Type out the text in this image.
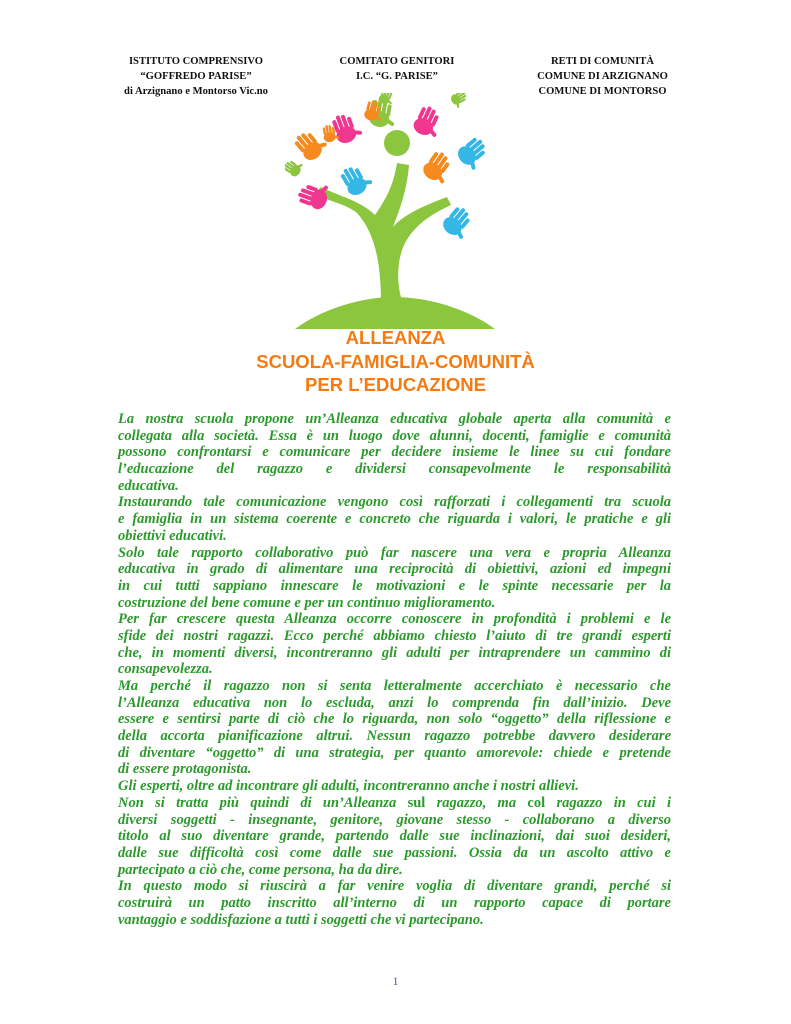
ISTITUTO COMPRENSIVO
“GOFFREDO PARISE”
di Arzignano e Montorso Vic.no
COMITATO GENITORI
I.C. “G. PARISE”
RETI DI COMUNITÀ
COMUNE DI ARZIGNANO
COMUNE DI MONTORSO
ALLEANZA
SCUOLA-FAMIGLIA-COMUNITÀ
PER L’EDUCAZIONE
La nostra scuola propone un’Alleanza educativa globale aperta alla comunità e
collegata alla società. Essa è un luogo dove alunni, docenti, famiglie e comunità
possono confrontarsi e comunicare per decidere insieme le linee su cui fondare
l’educazione del ragazzo e dividersi consapevolmente le responsabilità
educativa.
Instaurando tale comunicazione vengono così rafforzati i collegamenti tra scuola
e famiglia in un sistema coerente e concreto che riguarda i valori, le pratiche e gli
obiettivi educativi.
Solo tale rapporto collaborativo può far nascere una vera e propria Alleanza
educativa in grado di alimentare una reciprocità di obiettivi, azioni ed impegni
in cui tutti sappiano innescare le motivazioni e le spinte necessarie per la
costruzione del bene comune e per un continuo miglioramento.
Per far crescere questa Alleanza occorre conoscere in profondità i problemi e le
sfide dei nostri ragazzi. Ecco perché abbiamo chiesto l’aiuto di tre grandi esperti
che, in momenti diversi, incontreranno gli adulti per intraprendere un cammino di
consapevolezza.
Ma perché il ragazzo non si senta letteralmente accerchiato è necessario che
l’Alleanza educativa non lo escluda, anzi lo comprenda fin dall’inizio. Deve
essere e sentirsi parte di ciò che lo riguarda, non solo “oggetto” della riflessione e
della accorta pianificazione altrui. Nessun ragazzo potrebbe davvero desiderare
di diventare “oggetto” di una strategia, per quanto amorevole: chiede e pretende
di essere protagonista.
Gli esperti, oltre ad incontrare gli adulti, incontreranno anche i nostri allievi.
Non si tratta più quindi di un’Alleanza sul ragazzo, ma col ragazzo in cui i
diversi soggetti - insegnante, genitore, giovane stesso - collaborano a diverso
titolo al suo diventare grande, partendo dalle sue inclinazioni, dai suoi desideri,
dalle sue difficoltà così come dalle sue passioni. Ossia da un ascolto attivo e
partecipato a ciò che, come persona, ha da dire.
In questo modo si riuscirà a far venire voglia di diventare grandi, perché si
costruirà un patto inscritto all’interno di un rapporto capace di portare
vantaggio e soddisfazione a tutti i soggetti che vi partecipano.
1
